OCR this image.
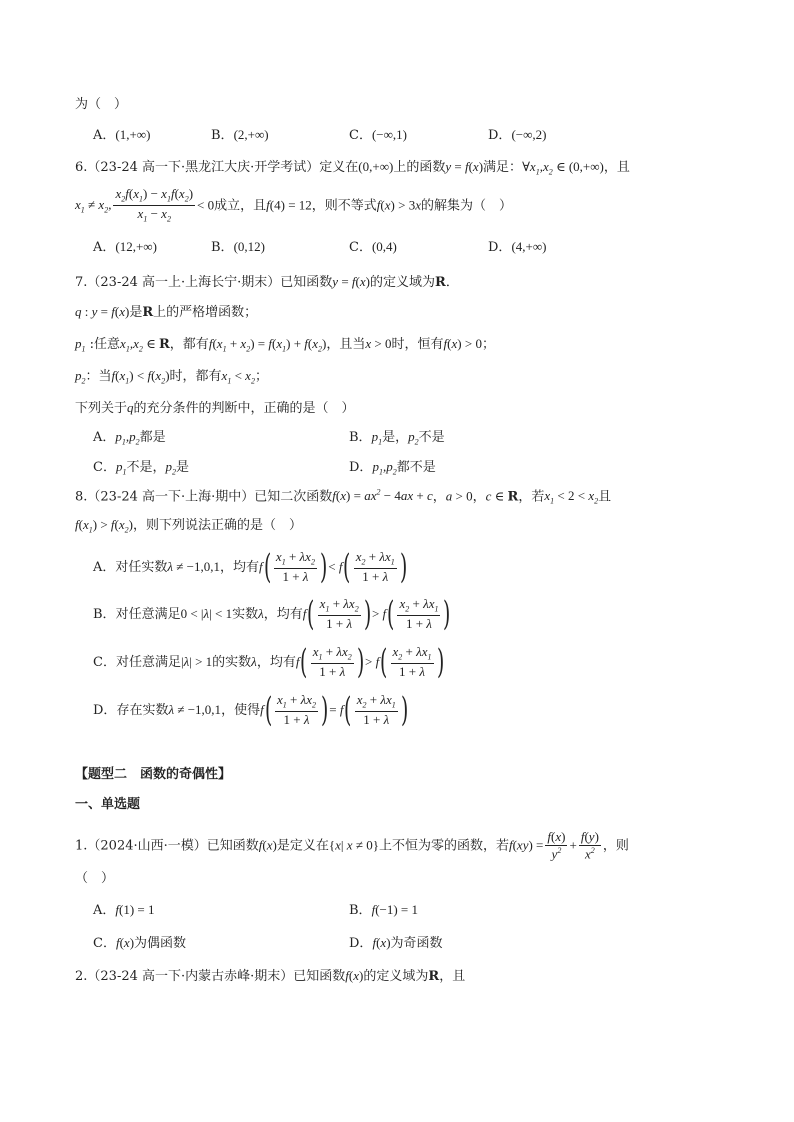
为（　）
A．(1,+∞)	B．(2,+∞)	C．(−∞,1)	D．(−∞,2)
6.（23-24 高一下·黑龙江大庆·开学考试）定义在(0,+∞)上的函数y = f(x)满足：$\forall x_1,x_2$ ∈ (0,+∞)，且
$x_1 \ne x_2$, $\frac{x_2f(x_1) - x_1f(x_2)}{x_1 - x_2} < 0$成立，且f(4) = 12，则不等式f(x) > 3x的解集为（　）
A．(12,+∞)	B．(0,12)	C．(0,4)	D．(4,+∞)
7.（23-24 高一上·上海长宁·期末）已知函数y = f(x)的定义域为R．
q : y = f(x)是R上的严格增函数；
$p_1$ :任意$x_1,x_2$ ∈ R，都有$f(x_1 + x_2) = f(x_1) + f(x_2)$，且当x > 0时，恒有f(x) > 0；
$p_2$：当$f(x_1) < f(x_2)$时，都有$x_1 < x_2$；
下列关于q的充分条件的判断中，正确的是（　）
A．$p_1,p_2$都是	B．$p_1$是，$p_2$不是
C．$p_1$不是，$p_2$是	D．$p_1,p_2$都不是
8.（23-24 高一下·上海·期中）已知二次函数$f(x) = ax^2 - 4ax + c$，a > 0，c ∈ R，若$x_1 < 2 < x_2$且
$f(x_1) > f(x_2)$，则下列说法正确的是（　）
A．对任实数λ ≠ −1,0,1，均有$f( \frac{x_1 + \lambda x_2}{1 + \lambda}$ )< $f( \frac{x_2 + \lambda x_1}{1 + \lambda}$ )
B．对任意满足0 < |λ| < 1实数λ，均有$f( \frac{x_1 + \lambda x_2}{1 + \lambda}$ )> $f( \frac{x_2 + \lambda x_1}{1 + \lambda}$ )
C．对任意满足|λ| > 1的实数λ，均有$f( \frac{x_1 + \lambda x_2}{1 + \lambda}$ )> $f( \frac{x_2 + \lambda x_1}{1 + \lambda}$ )
D．存在实数λ ≠ −1,0,1，使得$f( \frac{x_1 + \lambda x_2}{1 + \lambda}$ )= $f( \frac{x_2 + \lambda x_1}{1 + \lambda}$ )
【题型二　函数的奇偶性】
一、单选题
1.（2024·山西·一模）已知函数f(x)是定义在{x| x ≠ 0}上不恒为零的函数，若$f(xy) = \frac{f(x)}{y^2} + \frac{f(y)}{x^2}$ ，则
（　）
A．f(1) = 1	B．f(−1) = 1
C．f(x)为偶函数	D．f(x)为奇函数
2.（23-24 高一下·内蒙古赤峰·期末）已知函数f(x)的定义域为R，且
